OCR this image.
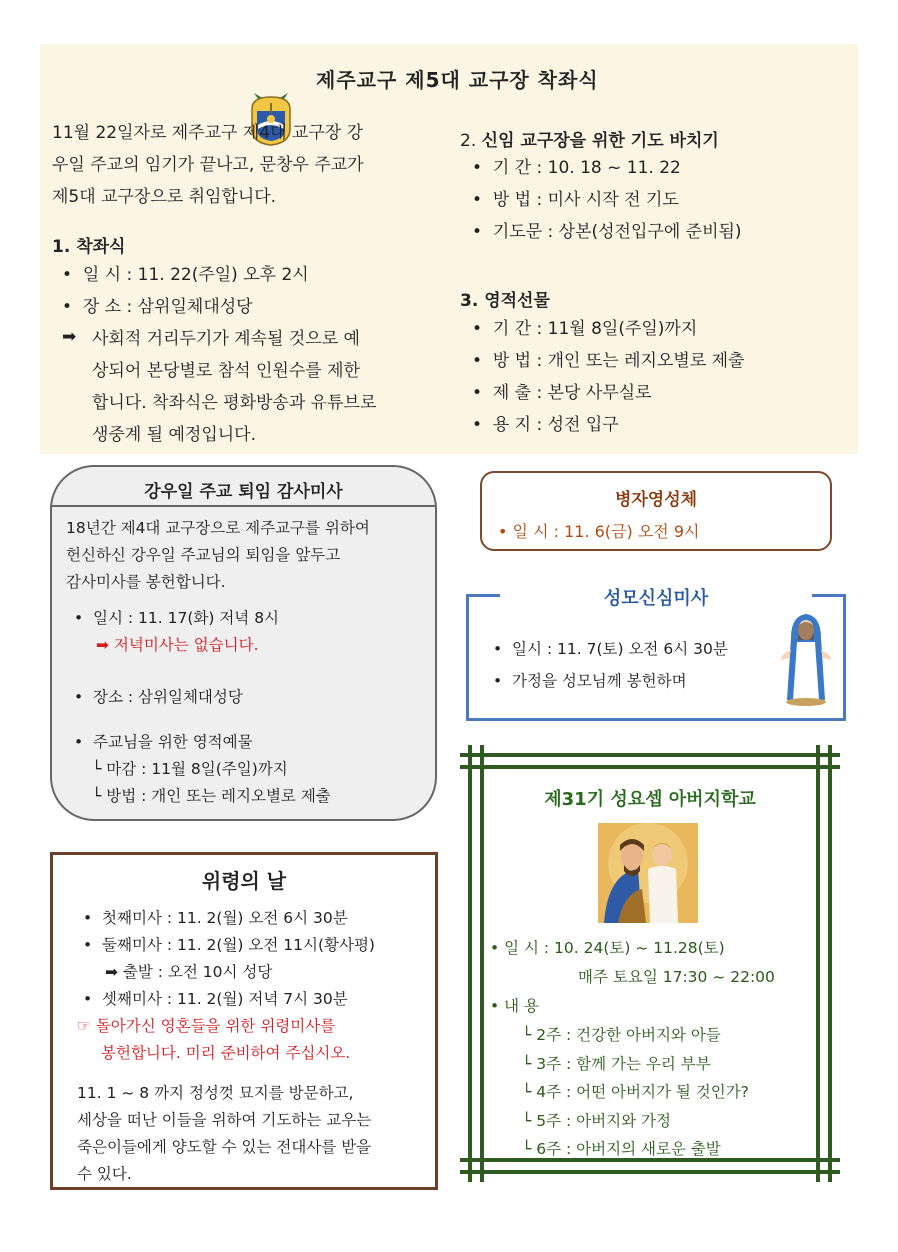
제주교구 제5대 교구장 착좌식
11월 22일자로 제주교구 제4대 교구장 강
우일 주교의 임기가 끝나고, 문창우 주교가
제5대 교구장으로 취임합니다.
1. 착좌식
• 일 시 : 11. 22(주일) 오후 2시
• 장 소 : 삼위일체대성당
➡ 사회적 거리두기가 계속될 것으로 예
상되어 본당별로 참석 인원수를 제한
합니다. 착좌식은 평화방송과 유튜브로
생중계 될 예정입니다.
2. 신임 교구장을 위한 기도 바치기
• 기 간 : 10. 18 ~ 11. 22
• 방 법 : 미사 시작 전 기도
• 기도문 : 상본(성전입구에 준비됨)
3. 영적선물
• 기 간 : 11월 8일(주일)까지
• 방 법 : 개인 또는 레지오별로 제출
• 제 출 : 본당 사무실로
• 용 지 : 성전 입구
강우일 주교 퇴임 감사미사
18년간 제4대 교구장으로 제주교구를 위하여
헌신하신 강우일 주교님의 퇴임을 앞두고
감사미사를 봉헌합니다.
•  일시 : 11. 17(화) 저녁 8시
➡ 저녁미사는 없습니다.
•  장소 : 삼위일체대성당
•  주교님을 위한 영적예물
└ 마감 : 11월 8일(주일)까지
└ 방법 : 개인 또는 레지오별로 제출
위령의 날
•  첫째미사 : 11. 2(월) 오전 6시 30분
•  둘째미사 : 11. 2(월) 오전 11시(황사평)
➡ 출발 : 오전 10시 성당
•  셋째미사 : 11. 2(월) 저녁 7시 30분
☞ 돌아가신 영혼들을 위한 위령미사를
봉헌합니다. 미리 준비하여 주십시오.
11. 1 ~ 8 까지 정성껏 묘지를 방문하고,
세상을 떠난 이들을 위하여 기도하는 교우는
죽은이들에게 양도할 수 있는 전대사를 받을
수 있다.
병자영성체
• 일 시 : 11. 6(금) 오전 9시
성모신심미사
•  일시 : 11. 7(토) 오전 6시 30분
•  가정을 성모님께 봉헌하며
제31기 성요셉 아버지학교
• 일 시 : 10. 24(토) ~ 11.28(토)
매주 토요일 17:30 ~ 22:00
• 내 용
└ 2주 : 건강한 아버지와 아들
└ 3주 : 함께 가는 우리 부부
└ 4주 : 어떤 아버지가 될 것인가?
└ 5주 : 아버지와 가정
└ 6주 : 아버지의 새로운 출발
